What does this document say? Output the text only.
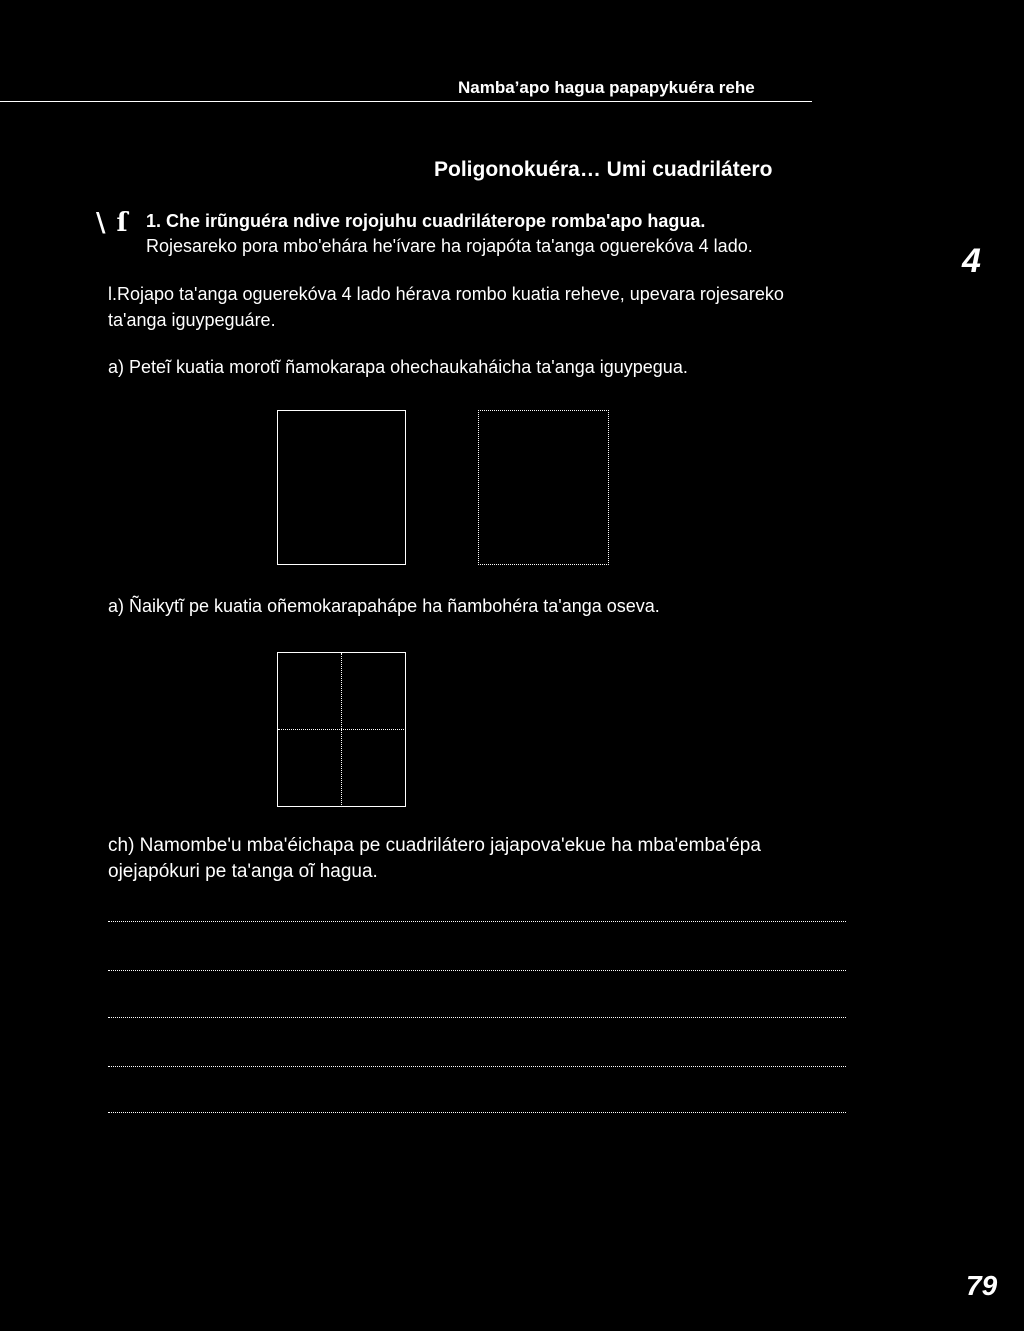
Namba’apo hagua papapykuéra rehe
Poligonokuéra… Umi cuadrilátero
\ ſ
4
1. Che irũnguéra ndive rojojuhu cuadriláterope romba'apo hagua.
Rojesareko pora mbo'ehára he'ívare ha rojapóta ta'anga oguerekóva 4 lado.
l.Rojapo ta'anga oguerekóva 4 lado hérava rombo kuatia reheve, upevara rojesareko
ta'anga iguypeguáre.
a) Peteĩ kuatia morotĩ ñamokarapa ohechaukaháicha ta'anga iguypegua.
a) Ñaikytĩ pe kuatia oñemokarapahápe ha ñambohéra ta'anga oseva.
ch) Namombe'u mba'éichapa pe cuadrilátero jajapova'ekue ha mba'emba'épa
ojejapókuri pe ta'anga oĩ hagua.
79
